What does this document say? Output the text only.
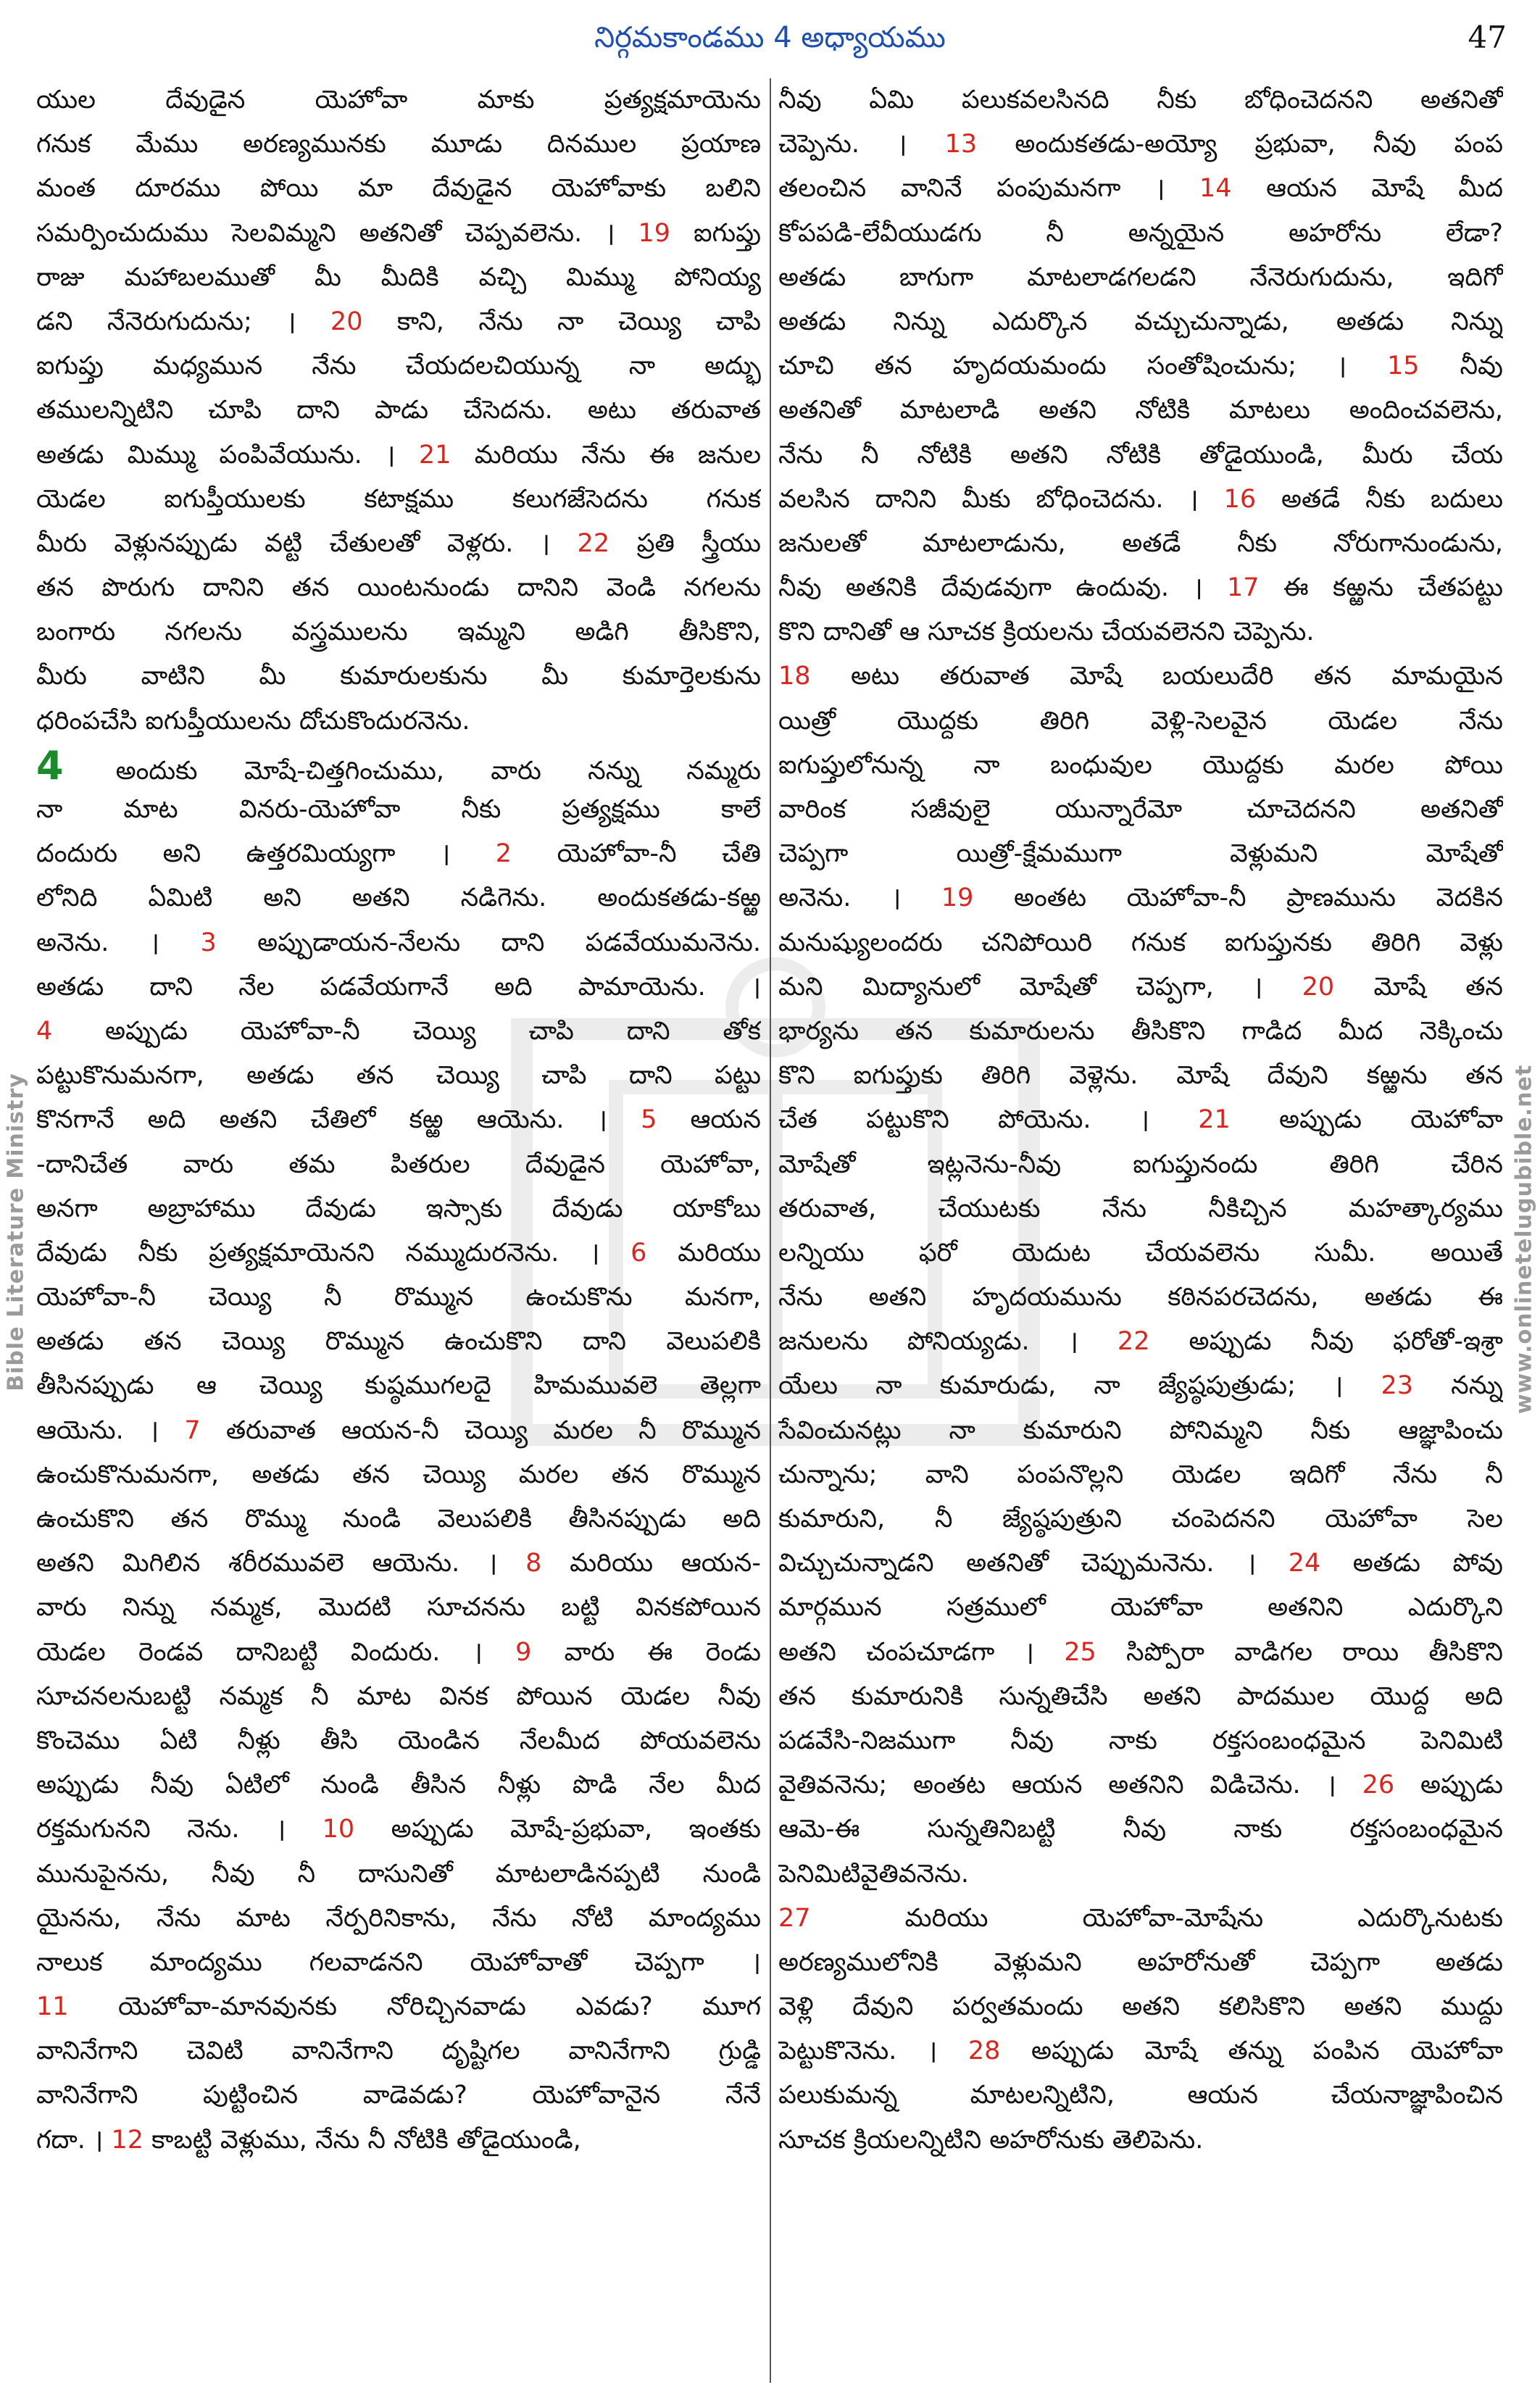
నిర్గమకాండము 4 అధ్యాయము	47
Bible Literature Ministry	www.onlinetelugubible.net
యుల దేవుడైన యెహోవా మాకు ప్రత్యక్షమాయెను
గనుక మేము అరణ్యమునకు మూడు దినముల ప్రయాణ
మంత దూరము పోయి మా దేవుడైన యెహోవాకు బలిని
సమర్పించుదుము సెలవిమ్మని అతనితో చెప్పవలెను. । 19 ఐగుప్తు
రాజు మహాబలముతో మీ మీదికి వచ్చి మిమ్ము పోనియ్య
డని నేనెరుగుదును; । 20 కాని, నేను నా చెయ్యి చాపి
ఐగుప్తు మధ్యమున నేను చేయదలచియున్న నా అద్భు
తములన్నిటిని చూపి దాని పాడు చేసెదను. అటు తరువాత
అతడు మిమ్ము పంపివేయును. । 21 మరియు నేను ఈ జనుల
యెడల ఐగుప్తీయులకు కటాక్షము కలుగజేసెదను గనుక
మీరు వెళ్లునప్పుడు వట్టి చేతులతో వెళ్లరు. । 22 ప్రతి స్త్రీయు
తన పొరుగు దానిని తన యింటనుండు దానిని వెండి నగలను
బంగారు నగలను వస్త్రములను ఇమ్మని అడిగి తీసికొని,
మీరు వాటిని మీ కుమారులకును మీ కుమార్తెలకును
ధరింపచేసి ఐగుప్తీయులను దోచుకొందురనెను.
4 అందుకు మోషే-చిత్తగించుము, వారు నన్ను నమ్మరు
నా మాట వినరు-యెహోవా నీకు ప్రత్యక్షము కాలే
దందురు అని ఉత్తరమియ్యగా । 2 యెహోవా-నీ చేతి
లోనిది ఏమిటి అని అతని నడిగెను. అందుకతడు-కఱ్ఱ
అనెను. । 3 అప్పుడాయన-నేలను దాని పడవేయుమనెను.
అతడు దాని నేల పడవేయగానే అది పామాయెను. ।
4 అప్పుడు యెహోవా-నీ చెయ్యి చాపి దాని తోక
పట్టుకొనుమనగా, అతడు తన చెయ్యి చాపి దాని పట్టు
కొనగానే అది అతని చేతిలో కఱ్ఱ ఆయెను. । 5 ఆయన
-దానిచేత వారు తమ పితరుల దేవుడైన యెహోవా,
అనగా అబ్రాహాము దేవుడు ఇస్సాకు దేవుడు యాకోబు
దేవుడు నీకు ప్రత్యక్షమాయెనని నమ్ముదురనెను. । 6 మరియు
యెహోవా-నీ చెయ్యి నీ రొమ్మున ఉంచుకొను మనగా,
అతడు తన చెయ్యి రొమ్మున ఉంచుకొని దాని వెలుపలికి
తీసినప్పుడు ఆ చెయ్యి కుష్ఠముగలదై హిమమువలె తెల్లగా
ఆయెను. । 7 తరువాత ఆయన-నీ చెయ్యి మరల నీ రొమ్మున
ఉంచుకొనుమనగా, అతడు తన చెయ్యి మరల తన రొమ్మున
ఉంచుకొని తన రొమ్ము నుండి వెలుపలికి తీసినప్పుడు అది
అతని మిగిలిన శరీరమువలె ఆయెను. । 8 మరియు ఆయన-
వారు నిన్ను నమ్మక, మొదటి సూచనను బట్టి వినకపోయిన
యెడల రెండవ దానిబట్టి విందురు. । 9 వారు ఈ రెండు
సూచనలనుబట్టి నమ్మక నీ మాట వినక పోయిన యెడల నీవు
కొంచెము ఏటి నీళ్లు తీసి యెండిన నేలమీద పోయవలెను
అప్పుడు నీవు ఏటిలో నుండి తీసిన నీళ్లు పొడి నేల మీద
రక్తమగునని నెను. । 10 అప్పుడు మోషే-ప్రభువా, ఇంతకు
మునుపైనను, నీవు నీ దాసునితో మాటలాడినప్పటి నుండి
యైనను, నేను మాట నేర్పరినికాను, నేను నోటి మాంద్యము
నాలుక మాంద్యము గలవాడనని యెహోవాతో చెప్పగా ।
11 యెహోవా-మానవునకు నోరిచ్చినవాడు ఎవడు? మూగ
వానినేగాని చెవిటి వానినేగాని దృష్టిగల వానినేగాని గ్రుడ్డి
వానినేగాని పుట్టించిన వాడెవడు? యెహోవానైన నేనే
గదా. । 12 కాబట్టి వెళ్లుము, నేను నీ నోటికి తోడైయుండి,
నీవు ఏమి పలుకవలసినది నీకు బోధించెదనని అతనితో
చెప్పెను. । 13 అందుకతడు-అయ్యో ప్రభువా, నీవు పంప
తలంచిన వానినే పంపుమనగా । 14 ఆయన మోషే మీద
కోపపడి-లేవీయుడగు నీ అన్నయైన అహరోను లేడా?
అతడు బాగుగా మాటలాడగలడని నేనెరుగుదును, ఇదిగో
అతడు నిన్ను ఎదుర్కొన వచ్చుచున్నాడు, అతడు నిన్ను
చూచి తన హృదయమందు సంతోషించును; । 15 నీవు
అతనితో మాటలాడి అతని నోటికి మాటలు అందించవలెను,
నేను నీ నోటికి అతని నోటికి తోడైయుండి, మీరు చేయ
వలసిన దానిని మీకు బోధించెదను. । 16 అతడే నీకు బదులు
జనులతో మాటలాడును, అతడే నీకు నోరుగానుండును,
నీవు అతనికి దేవుడవుగా ఉందువు. । 17 ఈ కఱ్ఱను చేతపట్టు
కొని దానితో ఆ సూచక క్రియలను చేయవలెనని చెప్పెను.
18 అటు తరువాత మోషే బయలుదేరి తన మామయైన
యిత్రో యొద్దకు తిరిగి వెళ్లి-సెలవైన యెడల నేను
ఐగుప్తులోనున్న నా బంధువుల యొద్దకు మరల పోయి
వారింక సజీవులై యున్నారేమో చూచెదనని అతనితో
చెప్పగా యిత్రో-క్షేమముగా వెళ్లుమని మోషేతో
అనెను. । 19 అంతట యెహోవా-నీ ప్రాణమును వెదకిన
మనుష్యులందరు చనిపోయిరి గనుక ఐగుప్తునకు తిరిగి వెళ్లు
మని మిద్యానులో మోషేతో చెప్పగా, । 20 మోషే తన
భార్యను తన కుమారులను తీసికొని గాడిద మీద నెక్కించు
కొని ఐగుప్తుకు తిరిగి వెళ్లెను. మోషే దేవుని కఱ్ఱను తన
చేత పట్టుకొని పోయెను. । 21 అప్పుడు యెహోవా
మోషేతో ఇట్లనెను-నీవు ఐగుప్తునందు తిరిగి చేరిన
తరువాత, చేయుటకు నేను నీకిచ్చిన మహత్కార్యము
లన్నియు ఫరో యెదుట చేయవలెను సుమీ. అయితే
నేను అతని హృదయమును కఠినపరచెదను, అతడు ఈ
జనులను పోనియ్యడు. । 22 అప్పుడు నీవు ఫరోతో-ఇశ్రా
యేలు నా కుమారుడు, నా జ్యేష్ఠపుత్రుడు; । 23 నన్ను
సేవించునట్లు నా కుమారుని పోనిమ్మని నీకు ఆజ్ఞాపించు
చున్నాను; వాని పంపనొల్లని యెడల ఇదిగో నేను నీ
కుమారుని, నీ జ్యేష్ఠపుత్రుని చంపెదనని యెహోవా సెల
విచ్చుచున్నాడని అతనితో చెప్పుమనెను. । 24 అతడు పోవు
మార్గమున సత్రములో యెహోవా అతనిని ఎదుర్కొని
అతని చంపచూడగా । 25 సిప్పోరా వాడిగల రాయి తీసికొని
తన కుమారునికి సున్నతిచేసి అతని పాదముల యొద్ద అది
పడవేసి-నిజముగా నీవు నాకు రక్తసంబంధమైన పెనిమిటి
వైతివనెను; అంతట ఆయన అతనిని విడిచెను. । 26 అప్పుడు
ఆమె-ఈ సున్నతినిబట్టి నీవు నాకు రక్తసంబంధమైన
పెనిమిటివైతివనెను.
27 మరియు యెహోవా-మోషేను ఎదుర్కొనుటకు
అరణ్యములోనికి వెళ్లుమని అహరోనుతో చెప్పగా అతడు
వెళ్లి దేవుని పర్వతమందు అతని కలిసికొని అతని ముద్దు
పెట్టుకొనెను. । 28 అప్పుడు మోషే తన్ను పంపిన యెహోవా
పలుకుమన్న మాటలన్నిటిని, ఆయన చేయనాజ్ఞాపించిన
సూచక క్రియలన్నిటిని అహరోనుకు తెలిపెను.
